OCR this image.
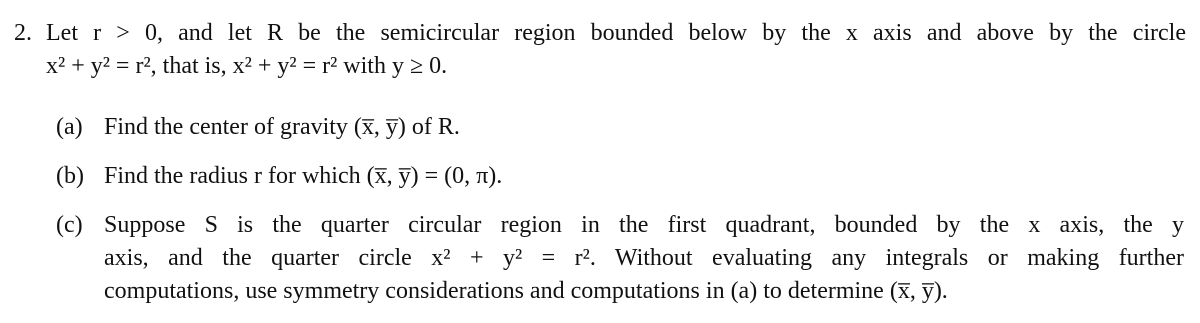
2. Let r > 0, and let R be the semicircular region bounded below by the x axis and above by the circle
x² + y² = r², that is, x² + y² = r² with y ≥ 0.
(a) Find the center of gravity (x̅, y̅) of R.
(b) Find the radius r for which (x̅, y̅) = (0, π).
(c) Suppose S is the quarter circular region in the first quadrant, bounded by the x axis, the y
axis, and the quarter circle x² + y² = r². Without evaluating any integrals or making further
computations, use symmetry considerations and computations in (a) to determine (x̅, y̅).
